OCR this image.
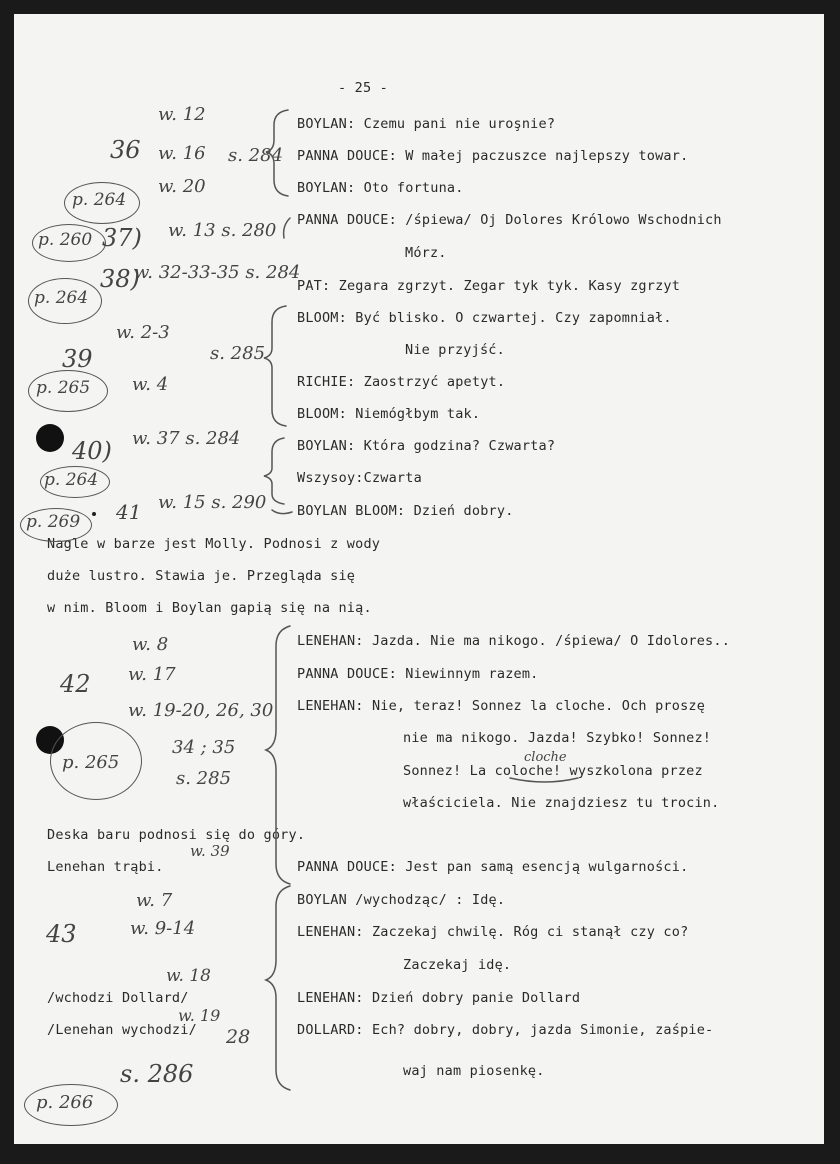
- 25 -
BOYLAN: Czemu pani nie uroşnie?
PANNA DOUCE: W małej paczuszce najlepszy towar.
BOYLAN: Oto fortuna.
PANNA DOUCE: /śpiewa/ Oj Dolores Królowo Wschodnich
Mórz.
PAT: Zegara zgrzyt. Zegar tyk tyk. Kasy zgrzyt
BLOOM: Być blisko. O czwartej. Czy zapomniał.
Nie przyjść.
RICHIE: Zaostrzyć apetyt.
BLOOM: Niemógłbym tak.
BOYLAN: Która godzina? Czwarta?
Wszysoy:Czwarta
BOYLAN BLOOM: Dzień dobry.
Nagle w barze jest Molly. Podnosi z wody
duże lustro. Stawia je. Przegląda się
w nim. Bloom i Boylan gapią się na nią.
LENEHAN: Jazda. Nie ma nikogo. /śpiewa/ O Idolores..
PANNA DOUCE: Niewinnym razem.
LENEHAN: Nie, teraz! Sonnez la cloche. Och proszę
nie ma nikogo. Jazda! Szybko! Sonnez!
Sonnez! La coloche! wyszkolona przez
właściciela. Nie znajdziesz tu trocin.
Deska baru podnosi się do góry.
Lenehan trąbi.	PANNA DOUCE: Jest pan samą esencją wulgarności.
BOYLAN /wychodząc/ : Idę.
LENEHAN: Zaczekaj chwilę. Róg ci stanął czy co?
Zaczekaj idę.
/wchodzi Dollard/	LENEHAN: Dzień dobry panie Dollard
/Lenehan wychodzi/	DOLLARD: Ech? dobry, dobry, jazda Simonie, zaśpie-
waj nam piosenkę.
w. 12
36 w. 16 s. 284
w. 20
p. 264
p. 260 37) w. 13 s. 280
38)
w. 32-33-35 s. 284
p. 264
w. 2-3
39	s. 285
p. 265 w. 4
40) w. 37 s. 284
p. 264
p. 269 41 w. 15 s. 290
w. 8
w. 17
42
w. 19-20, 26, 30
34 ; 35
p. 265
s. 285
w. 39
w. 7
43	w. 9-14
w. 18
w. 19
28
s. 286
p. 266
cloche
